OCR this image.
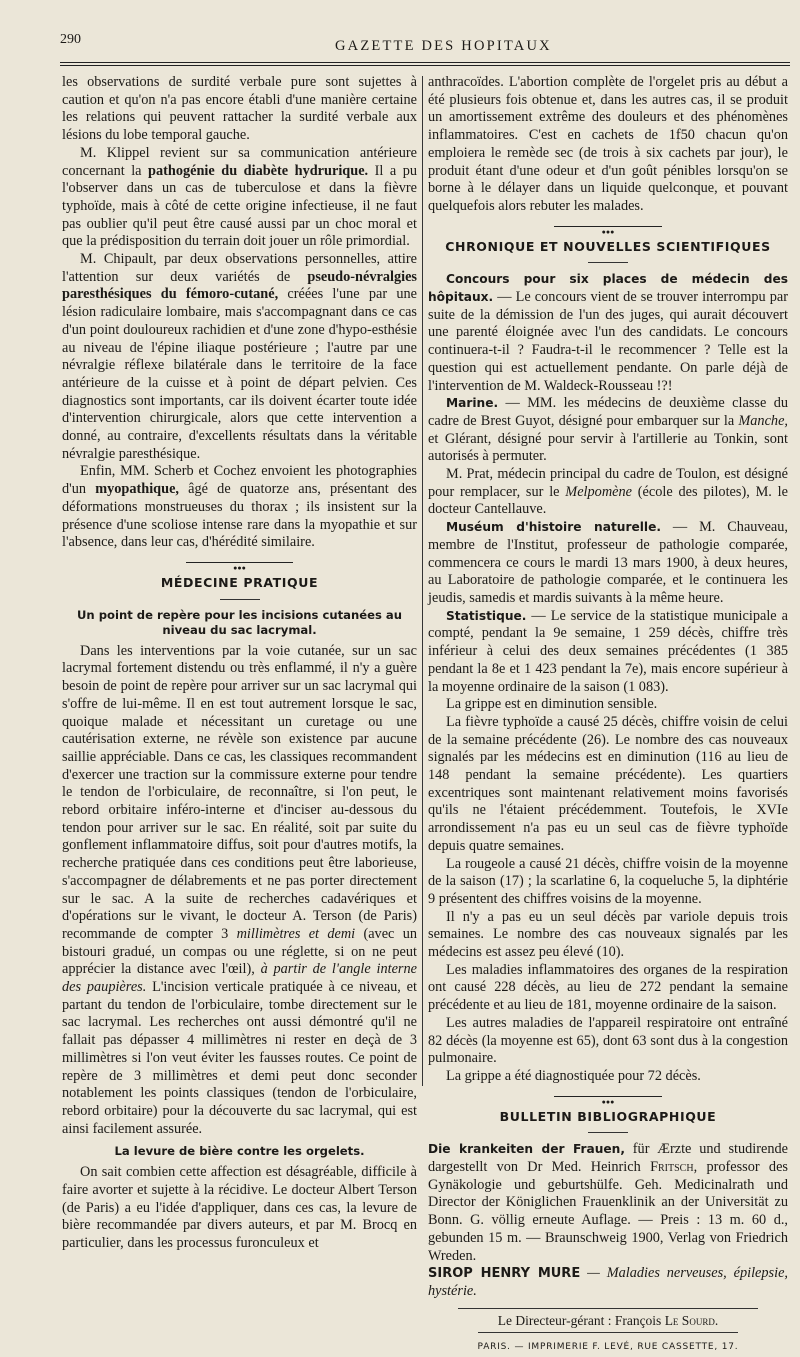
290	GAZETTE DES HOPITAUX

les observations de surdité verbale pure sont sujettes à caution et qu'on n'a pas encore établi d'une manière certaine les relations qui peuvent rattacher la surdité verbale aux lésions du lobe temporal gauche.

M. Klippel revient sur sa communication antérieure concernant la pathogénie du diabète hydrurique. Il a pu l'observer dans un cas de tuberculose et dans la fièvre typhoïde, mais à côté de cette origine infectieuse, il ne faut pas oublier qu'il peut être causé aussi par un choc moral et que la prédisposition du terrain doit jouer un rôle primordial.

M. Chipault, par deux observations personnelles, attire l'attention sur deux variétés de pseudo-névralgies paresthésiques du fémoro-cutané, créées l'une par une lésion radiculaire lombaire, mais s'accompagnant dans ce cas d'un point douloureux rachidien et d'une zone d'hypo-esthésie au niveau de l'épine iliaque postérieure ; l'autre par une névralgie réflexe bilatérale dans le territoire de la face antérieure de la cuisse et à point de départ pelvien. Ces diagnostics sont importants, car ils doivent écarter toute idée d'intervention chirurgicale, alors que cette intervention a donné, au contraire, d'excellents résultats dans la véritable névralgie paresthésique.

Enfin, MM. Scherb et Cochez envoient les photographies d'un myopathique, âgé de quatorze ans, présentant des déformations monstrueuses du thorax ; ils insistent sur la présence d'une scoliose intense rare dans la myopathie et sur l'absence, dans leur cas, d'hérédité similaire.

●●●
MÉDECINE PRATIQUE
Un point de repère pour les incisions cutanées au niveau du sac lacrymal.

Dans les interventions par la voie cutanée, sur un sac lacrymal fortement distendu ou très enflammé, il n'y a guère besoin de point de repère pour arriver sur un sac lacrymal qui s'offre de lui-même. Il en est tout autrement lorsque le sac, quoique malade et nécessitant un curetage ou une cautérisation externe, ne révèle son existence par aucune saillie appréciable. Dans ce cas, les classiques recommandent d'exercer une traction sur la commissure externe pour tendre le tendon de l'orbiculaire, de reconnaître, si l'on peut, le rebord orbitaire inféro-interne et d'inciser au-dessous du tendon pour arriver sur le sac. En réalité, soit par suite du gonflement inflammatoire diffus, soit pour d'autres motifs, la recherche pratiquée dans ces conditions peut être laborieuse, s'accompagner de délabrements et ne pas porter directement sur le sac. A la suite de recherches cadavériques et d'opérations sur le vivant, le docteur A. Terson (de Paris) recommande de compter 3 millimètres et demi (avec un bistouri gradué, un compas ou une réglette, si on ne peut apprécier la distance avec l'œil), à partir de l'angle interne des paupières. L'incision verticale pratiquée à ce niveau, et partant du tendon de l'orbiculaire, tombe directement sur le sac lacrymal. Les recherches ont aussi démontré qu'il ne fallait pas dépasser 4 millimètres ni rester en deçà de 3 millimètres si l'on veut éviter les fausses routes. Ce point de repère de 3 millimètres et demi peut donc seconder notablement les points classiques (tendon de l'orbiculaire, rebord orbitaire) pour la découverte du sac lacrymal, qui est ainsi facilement assurée.

La levure de bière contre les orgelets.

On sait combien cette affection est désagréable, difficile à faire avorter et sujette à la récidive. Le docteur Albert Terson (de Paris) a eu l'idée d'appliquer, dans ces cas, la levure de bière recommandée par divers auteurs, et par M. Brocq en particulier, dans les processus furonculeux et

anthracoïdes. L'abortion complète de l'orgelet pris au début a été plusieurs fois obtenue et, dans les autres cas, il se produit un amortissement extrême des douleurs et des phénomènes inflammatoires. C'est en cachets de 1f50 chacun qu'on emploiera le remède sec (de trois à six cachets par jour), le produit étant d'une odeur et d'un goût pénibles lorsqu'on se borne à le délayer dans un liquide quelconque, et pouvant quelquefois alors rebuter les malades.

●●●
CHRONIQUE ET NOUVELLES SCIENTIFIQUES

Concours pour six places de médecin des hôpitaux. — Le concours vient de se trouver interrompu par suite de la démission de l'un des juges, qui aurait découvert une parenté éloignée avec l'un des candidats. Le concours continuera-t-il ? Faudra-t-il le recommencer ? Telle est la question qui est actuellement pendante. On parle déjà de l'intervention de M. Waldeck-Rousseau !?!

Marine. — MM. les médecins de deuxième classe du cadre de Brest Guyot, désigné pour embarquer sur la Manche, et Glérant, désigné pour servir à l'artillerie au Tonkin, sont autorisés à permuter.

M. Prat, médecin principal du cadre de Toulon, est désigné pour remplacer, sur le Melpomène (école des pilotes), M. le docteur Cantellauve.

Muséum d'histoire naturelle. — M. Chauveau, membre de l'Institut, professeur de pathologie comparée, commencera ce cours le mardi 13 mars 1900, à deux heures, au Laboratoire de pathologie comparée, et le continuera les jeudis, samedis et mardis suivants à la même heure.

Statistique. — Le service de la statistique municipale a compté, pendant la 9e semaine, 1 259 décès, chiffre très inférieur à celui des deux semaines précédentes (1 385 pendant la 8e et 1 423 pendant la 7e), mais encore supérieur à la moyenne ordinaire de la saison (1 083).

La grippe est en diminution sensible.

La fièvre typhoïde a causé 25 décès, chiffre voisin de celui de la semaine précédente (26). Le nombre des cas nouveaux signalés par les médecins est en diminution (116 au lieu de 148 pendant la semaine précédente). Les quartiers excentriques sont maintenant relativement moins favorisés qu'ils ne l'étaient précédemment. Toutefois, le XVIe arrondissement n'a pas eu un seul cas de fièvre typhoïde depuis quatre semaines.

La rougeole a causé 21 décès, chiffre voisin de la moyenne de la saison (17) ; la scarlatine 6, la coqueluche 5, la diphtérie 9 présentent des chiffres voisins de la moyenne.

Il n'y a pas eu un seul décès par variole depuis trois semaines. Le nombre des cas nouveaux signalés par les médecins est assez peu élevé (10).

Les maladies inflammatoires des organes de la respiration ont causé 228 décès, au lieu de 272 pendant la semaine précédente et au lieu de 181, moyenne ordinaire de la saison.

Les autres maladies de l'appareil respiratoire ont entraîné 82 décès (la moyenne est 65), dont 63 sont dus à la congestion pulmonaire.

La grippe a été diagnostiquée pour 72 décès.

●●●
BULLETIN BIBLIOGRAPHIQUE

Die krankeiten der Frauen, für Ærzte und studirende dargestellt von Dr Med. Heinrich Fritsch, professor des Gynäkologie und geburtshülfe. Geh. Medicinalrath und Director der Königlichen Frauenklinik an der Universität zu Bonn. G. völlig erneute Auflage. — Preis : 13 m. 60 d., gebunden 15 m. — Braunschweig 1900, Verlag von Friedrich Wreden.

SIROP HENRY MURE — Maladies nerveuses, épilepsie, hystérie.

Le Directeur-gérant : François Le Sourd.
PARIS. — IMPRIMERIE F. LEVÉ, RUE CASSETTE, 17.
